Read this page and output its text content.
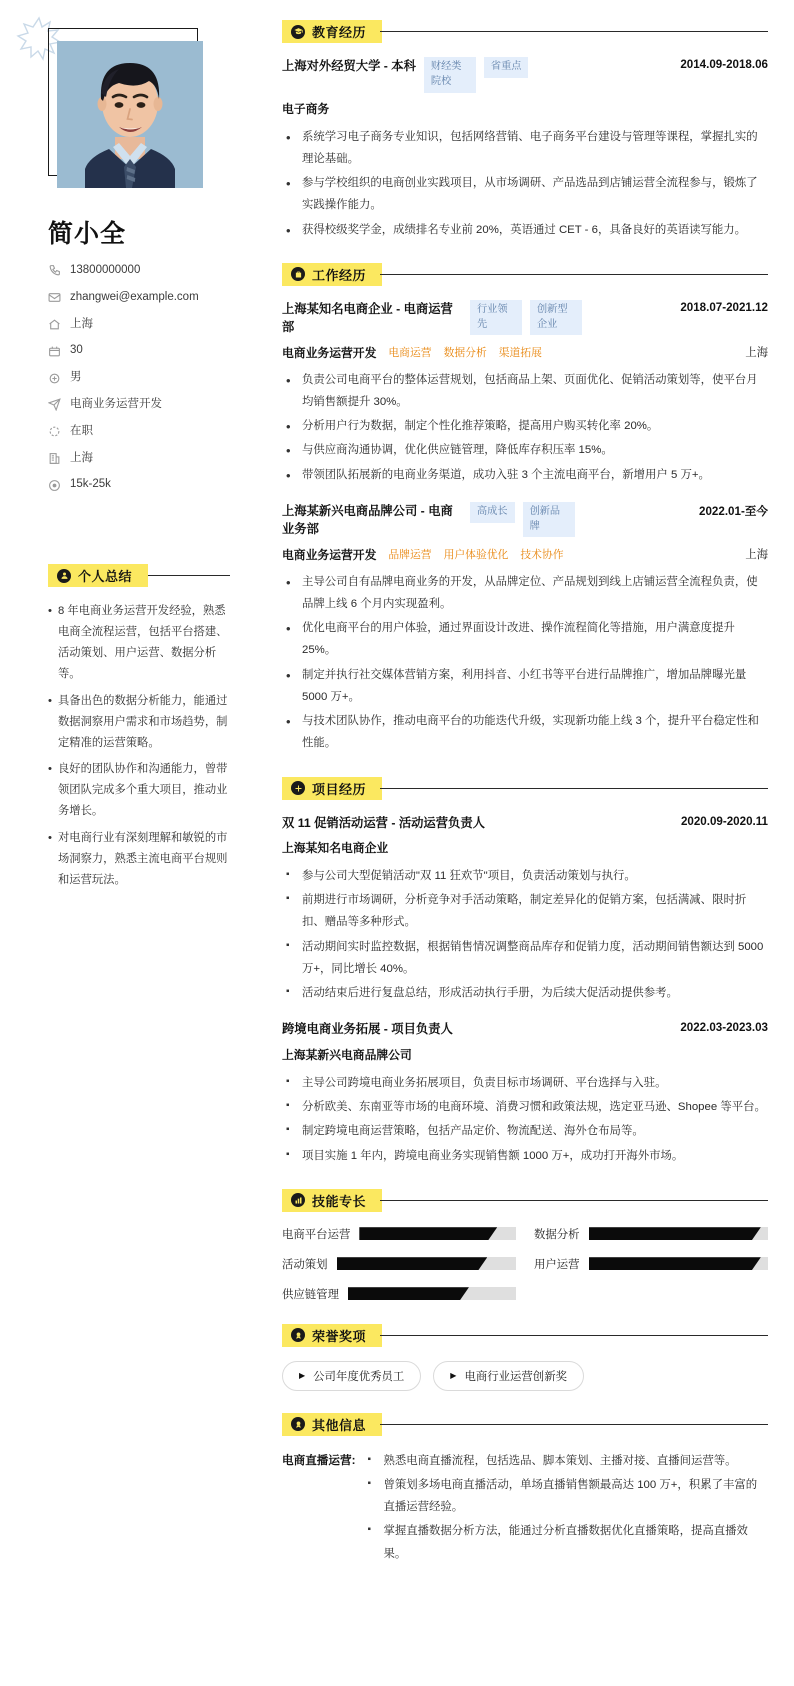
简小全
13800000000
zhangwei@example.com
上海
30
男
电商业务运营开发
在职
上海
15k-25k
个人总结
• 8 年电商业务运营开发经验，熟悉电商全流程运营，包括平台搭建、活动策划、用户运营、数据分析等。
• 具备出色的数据分析能力，能通过数据洞察用户需求和市场趋势，制定精准的运营策略。
• 良好的团队协作和沟通能力，曾带领团队完成多个重大项目，推动业务增长。
• 对电商行业有深刻理解和敏锐的市场洞察力，熟悉主流电商平台规则和运营玩法。
教育经历
上海对外经贸大学 - 本科	财经类院校
省重点	2014.09-2018.06
电子商务
• 系统学习电子商务专业知识，包括网络营销、电子商务平台建设与管理等课程，掌握扎实的理论基础。
• 参与学校组织的电商创业实践项目，从市场调研、产品选品到店铺运营全流程参与，锻炼了实践操作能力。
• 获得校级奖学金，成绩排名专业前 20%，英语通过 CET - 6，具备良好的英语读写能力。
工作经历
上海某知名电商企业 - 电商运营部
行业领先
创新型企业
2018.07-2021.12
电商业务运营开发 电商运营 数据分析 渠道拓展	上海
• 负责公司电商平台的整体运营规划，包括商品上架、页面优化、促销活动策划等，使平台月均销售额提升 30%。
• 分析用户行为数据，制定个性化推荐策略，提高用户购买转化率 20%。
• 与供应商沟通协调，优化供应链管理，降低库存积压率 15%。
• 带领团队拓展新的电商业务渠道，成功入驻 3 个主流电商平台，新增用户 5 万+。
上海某新兴电商品牌公司 - 电商业务部
高成长	创新品牌
2022.01-至今
电商业务运营开发 品牌运营 用户体验优化 技术协作	上海
• 主导公司自有品牌电商业务的开发，从品牌定位、产品规划到线上店铺运营全流程负责，使品牌上线 6 个月内实现盈利。
• 优化电商平台的用户体验，通过界面设计改进、操作流程简化等措施，用户满意度提升 25%。
• 制定并执行社交媒体营销方案，利用抖音、小红书等平台进行品牌推广，增加品牌曝光量 5000 万+。
• 与技术团队协作，推动电商平台的功能迭代升级，实现新功能上线 3 个，提升平台稳定性和性能。
项目经历
双 11 促销活动运营 - 活动运营负责人	2020.09-2020.11
上海某知名电商企业
▪ 参与公司大型促销活动"双 11 狂欢节"项目，负责活动策划与执行。
▪ 前期进行市场调研，分析竞争对手活动策略，制定差异化的促销方案，包括满减、限时折扣、赠品等多种形式。
▪ 活动期间实时监控数据，根据销售情况调整商品库存和促销力度，活动期间销售额达到 5000 万+，同比增长 40%。
▪ 活动结束后进行复盘总结，形成活动执行手册，为后续大促活动提供参考。
跨境电商业务拓展 - 项目负责人	2022.03-2023.03
上海某新兴电商品牌公司
▪ 主导公司跨境电商业务拓展项目，负责目标市场调研、平台选择与入驻。
▪ 分析欧美、东南亚等市场的电商环境、消费习惯和政策法规，选定亚马逊、Shopee 等平台。
▪ 制定跨境电商运营策略，包括产品定价、物流配送、海外仓布局等。
▪ 项目实施 1 年内，跨境电商业务实现销售额 1000 万+，成功打开海外市场。
技能专长
电商平台运营	数据分析
活动策划	用户运营
供应链管理
荣誉奖项
▶ 公司年度优秀员工	▶ 电商行业运营创新奖
其他信息
电商直播运营:	▪ 熟悉电商直播流程，包括选品、脚本策划、主播对接、直播间运营等。
▪ 曾策划多场电商直播活动，单场直播销售额最高达 100 万+，积累了丰富的直播运营经验。
▪ 掌握直播数据分析方法，能通过分析直播数据优化直播策略，提高直播效果。
